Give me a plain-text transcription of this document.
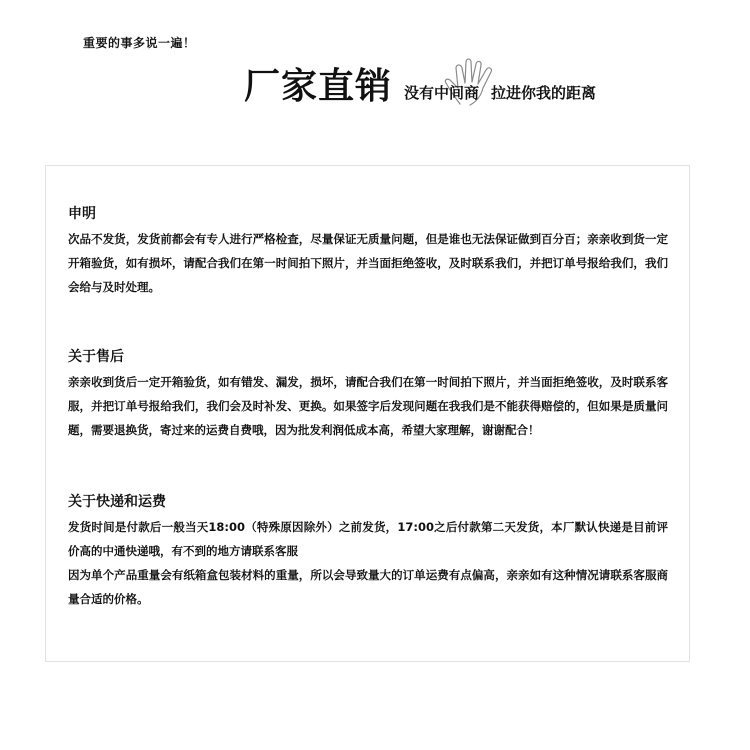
重要的事多说一遍！
厂家直销 没有中间商 拉进你我的距离
申明

次品不发货，发货前都会有专人进行严格检查，尽量保证无质量问题，但是谁也无法保证做到百分百；亲亲收到货一定开箱验货，如有损坏，请配合我们在第一时间拍下照片，并当面拒绝签收，及时联系我们，并把订单号报给我们，我们会给与及时处理。

关于售后

亲亲收到货后一定开箱验货，如有错发、漏发，损坏，请配合我们在第一时间拍下照片，并当面拒绝签收，及时联系客服，并把订单号报给我们，我们会及时补发、更换。如果签字后发现问题在我我们是不能获得赔偿的，但如果是质量问题，需要退换货，寄过来的运费自费哦，因为批发利润低成本高，希望大家理解，谢谢配合！

关于快递和运费

发货时间是付款后一般当天18:00（特殊原因除外）之前发货，17:00之后付款第二天发货，本厂默认快递是目前评价高的中通快递哦，有不到的地方请联系客服

因为单个产品重量会有纸箱盒包装材料的重量，所以会导致量大的订单运费有点偏高，亲亲如有这种情况请联系客服商量合适的价格。
